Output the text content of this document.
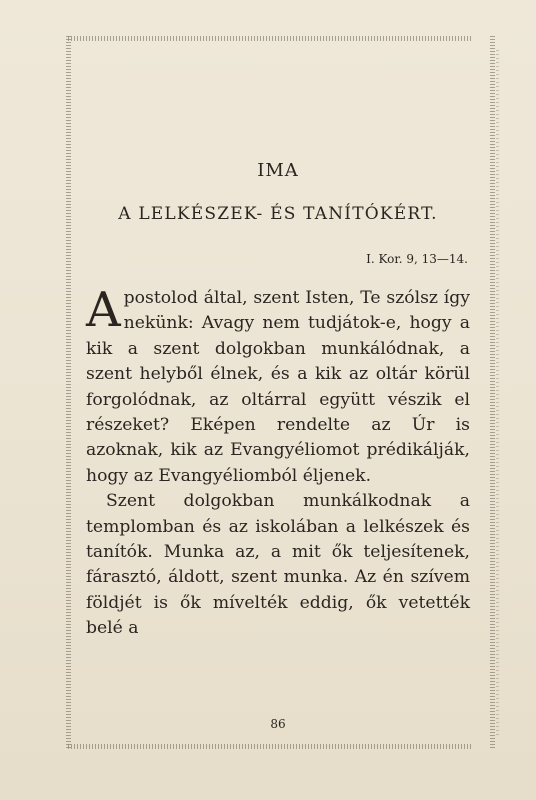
IMA
A LELKÉSZEK- ÉS TANÍTÓKÉRT.
I. Kor. 9, 13—14.

Apostolod által, szent Isten, Te szólsz így nekünk: Avagy nem tudjátok-e, hogy a kik a szent dolgokban munkálódnak, a szent helyből élnek, és a kik az oltár körül forgolódnak, az oltárral együtt vészik el részeket? Eképen rendelte az Úr is azoknak, kik az Evangyéliomot prédikálják, hogy az Evangyéliomból éljenek.

Szent dolgokban munkálkodnak a templomban és az iskolában a lelkészek és tanítók. Munka az, a mit ők teljesítenek, fárasztó, áldott, szent munka. Az én szívem földjét is ők mívelték eddig, ők vetették belé a

86
